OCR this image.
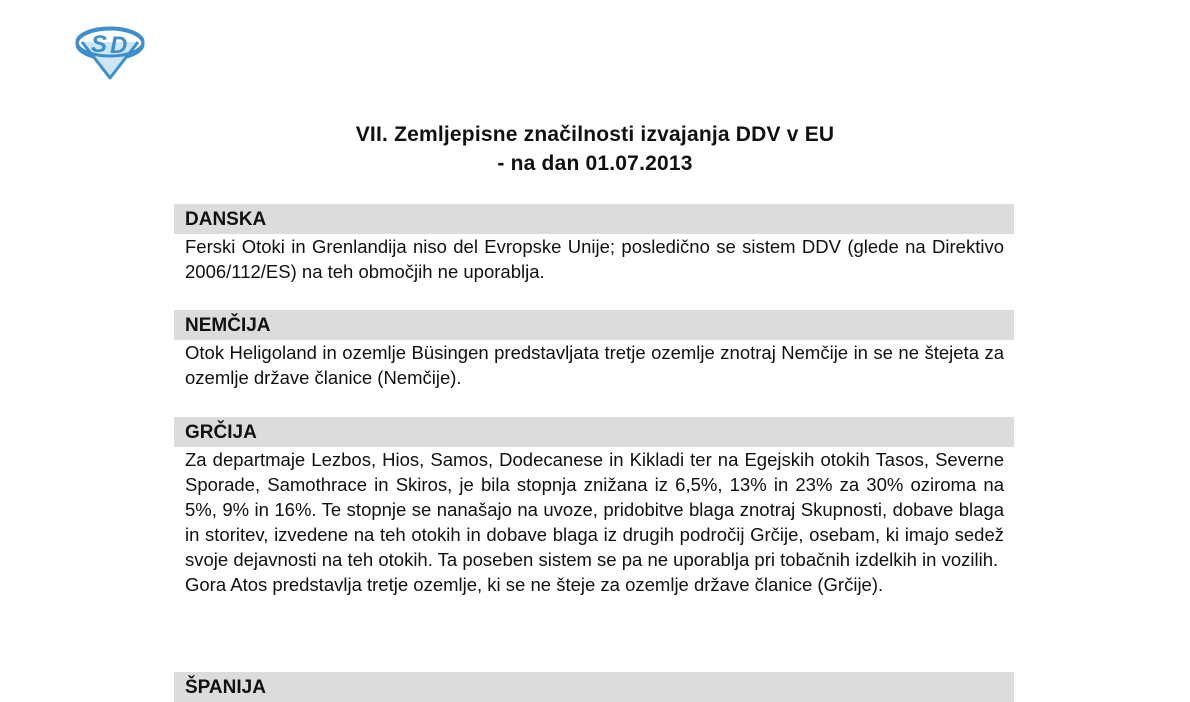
S D
VII. Zemljepisne značilnosti izvajanja DDV v EU
- na dan 01.07.2013
DANSKA

Ferski Otoki in Grenlandija niso del Evropske Unije; posledično se sistem DDV (glede na Direktivo 2006/112/ES) na teh območjih ne uporablja.

NEMČIJA

Otok Heligoland in ozemlje Büsingen predstavljata tretje ozemlje znotraj Nemčije in se ne štejeta za ozemlje države članice (Nemčije).

GRČIJA

Za departmaje Lezbos, Hios, Samos, Dodecanese in Kikladi ter na Egejskih otokih Tasos, Severne Sporade, Samothrace in Skiros, je bila stopnja znižana iz 6,5%, 13% in 23% za 30% oziroma na 5%, 9% in 16%. Te stopnje se nanašajo na uvoze, pridobitve blaga znotraj Skupnosti, dobave blaga in storitev, izvedene na teh otokih in dobave blaga iz drugih področij Grčije, osebam, ki imajo sedež svoje dejavnosti na teh otokih. Ta poseben sistem se pa ne uporablja pri tobačnih izdelkih in vozilih.

Gora Atos predstavlja tretje ozemlje, ki se ne šteje za ozemlje države članice (Grčije).

ŠPANIJA
